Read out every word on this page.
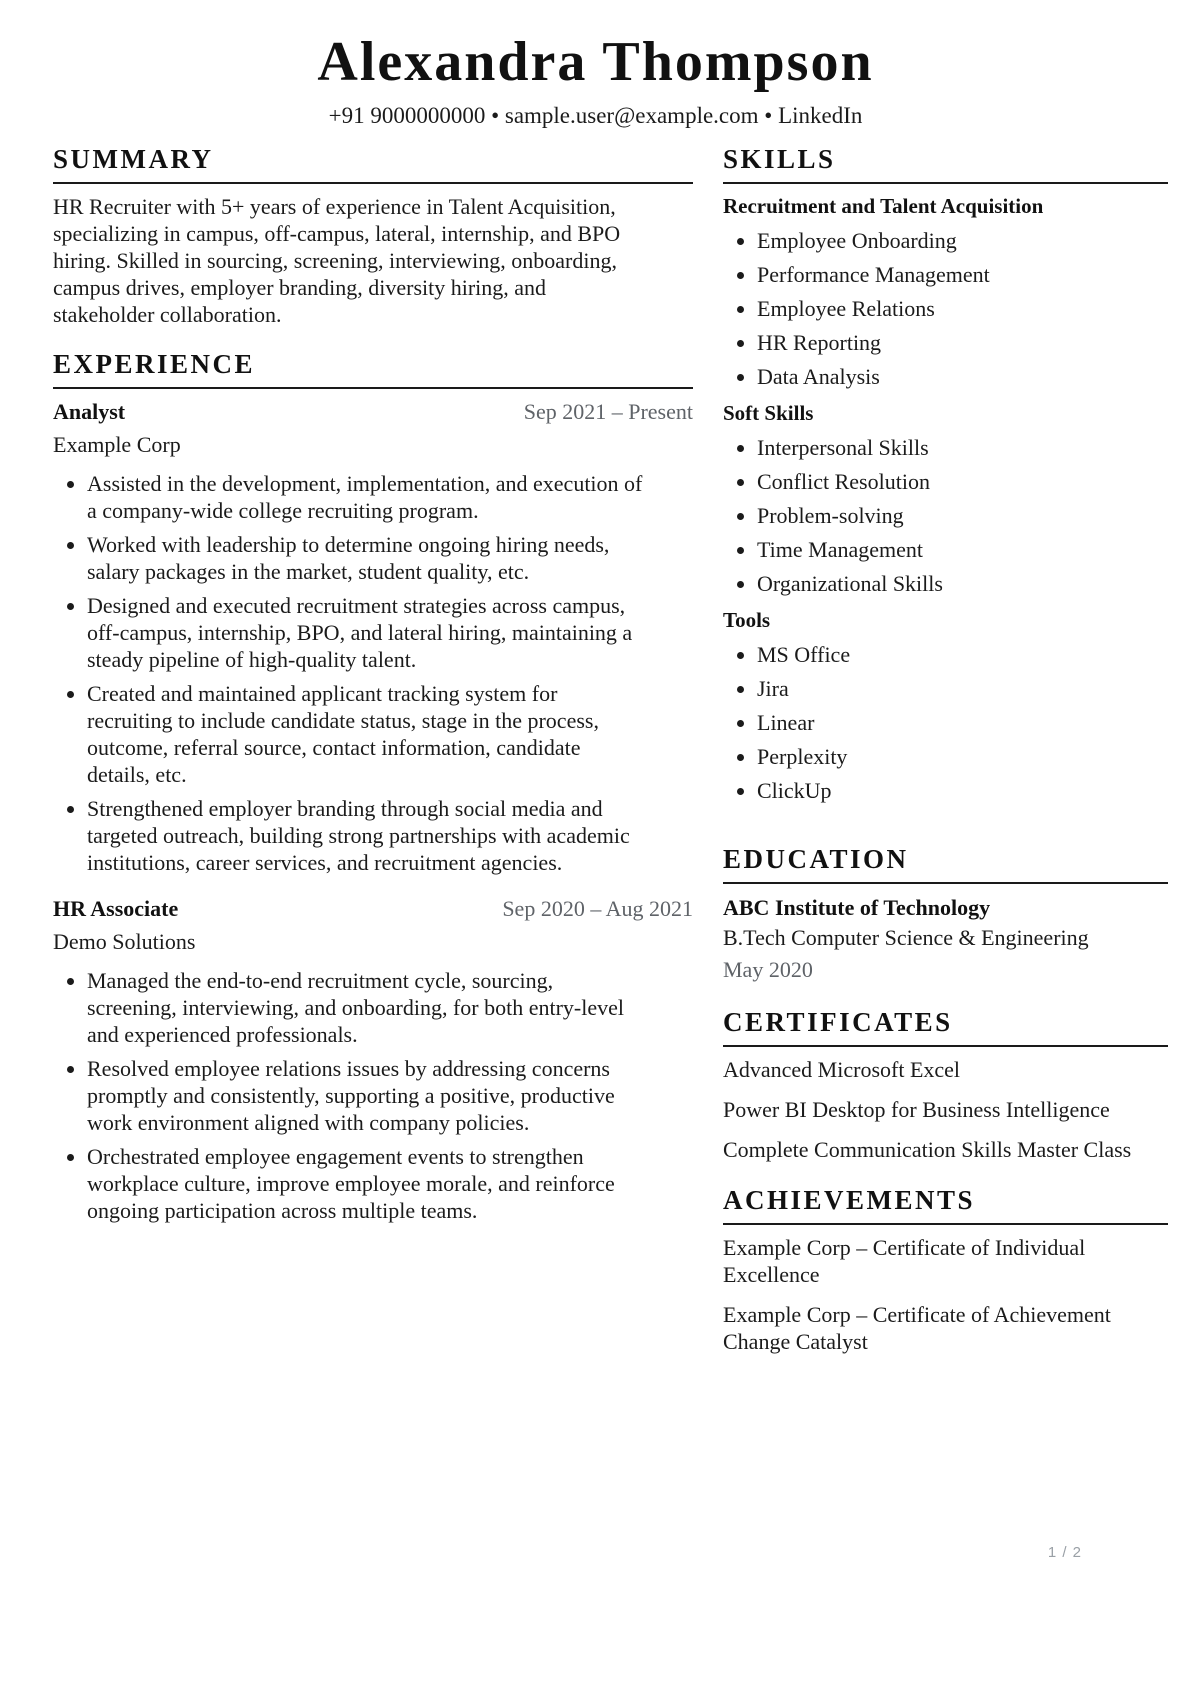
Alexandra Thompson
+91 9000000000 • sample.user@example.com • LinkedIn
SUMMARY

HR Recruiter with 5+ years of experience in Talent Acquisition, specializing in campus, off-campus, lateral, internship, and BPO hiring. Skilled in sourcing, screening, interviewing, onboarding, campus drives, employer branding, diversity hiring, and stakeholder collaboration.

EXPERIENCE
Analyst	Sep 2021 – Present
Example Corp
• Assisted in the development, implementation, and execution of a company-wide college recruiting program.
• Worked with leadership to determine ongoing hiring needs, salary packages in the market, student quality, etc.
• Designed and executed recruitment strategies across campus, off-campus, internship, BPO, and lateral hiring, maintaining a steady pipeline of high-quality talent.
• Created and maintained applicant tracking system for recruiting to include candidate status, stage in the process, outcome, referral source, contact information, candidate details, etc.
• Strengthened employer branding through social media and targeted outreach, building strong partnerships with academic institutions, career services, and recruitment agencies.
HR Associate	Sep 2020 – Aug 2021
Demo Solutions
• Managed the end-to-end recruitment cycle, sourcing, screening, interviewing, and onboarding, for both entry-level and experienced professionals.
• Resolved employee relations issues by addressing concerns promptly and consistently, supporting a positive, productive work environment aligned with company policies.
• Orchestrated employee engagement events to strengthen workplace culture, improve employee morale, and reinforce ongoing participation across multiple teams.
SKILLS
Recruitment and Talent Acquisition
• Employee Onboarding
• Performance Management
• Employee Relations
• HR Reporting
• Data Analysis
Soft Skills
• Interpersonal Skills
• Conflict Resolution
• Problem-solving
• Time Management
• Organizational Skills
Tools
• MS Office
• Jira
• Linear
• Perplexity
• ClickUp
EDUCATION
ABC Institute of Technology
B.Tech Computer Science & Engineering
May 2020
CERTIFICATES

Advanced Microsoft Excel

Power BI Desktop for Business Intelligence

Complete Communication Skills Master Class

ACHIEVEMENTS

Example Corp – Certificate of Individual Excellence

Example Corp – Certificate of Achievement Change Catalyst

1 / 2
